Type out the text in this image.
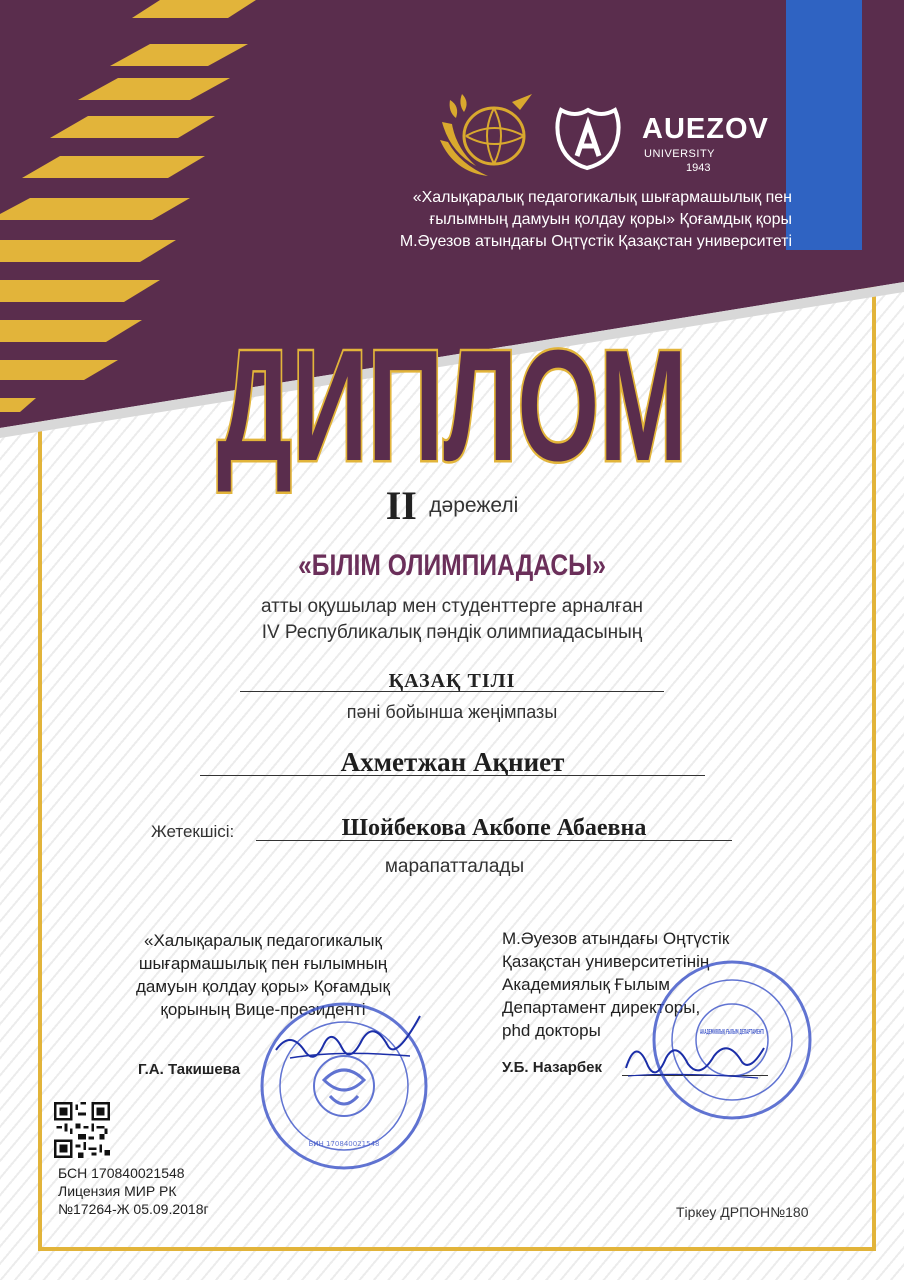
AUEZOV
UNIVERSITY
1943
«Халықаралық педагогикалық шығармашылық пен
ғылымның дамуын қолдау қоры» Қоғамдық қоры
М.Әуезов атындағы Оңтүстік Қазақстан университеті
ДИПЛОМ
II дәрежелі
«БІЛІМ ОЛИМПИАДАСЫ»
атты оқушылар мен студенттерге арналған
IV Республикалық пәндік олимпиадасының
ҚАЗАҚ ТІЛІ
пәні бойынша жеңімпазы
Ахметжан Ақниет
Жетекшісі:	Шойбекова Акбопе Абаевна
марапатталады
«Халықаралық педагогикалық
шығармашылық пен ғылымның
дамуын қолдау қоры» Қоғамдық
қорының Вице-президенті
М.Әуезов атындағы Оңтүстік
Қазақстан университетінің
Академиялық Ғылым
Департамент директоры,
phd докторы
Г.А. Такишева	У.Б. Назарбек
БИН 170840021548
АКАДЕМИЯЛЫҚ ҒЫЛЫМ ДЕПАРТАМЕНТІ
БСН 170840021548
Лицензия МИР РК
№17264-Ж 05.09.2018г	Тіркеу ДРПОН№180
